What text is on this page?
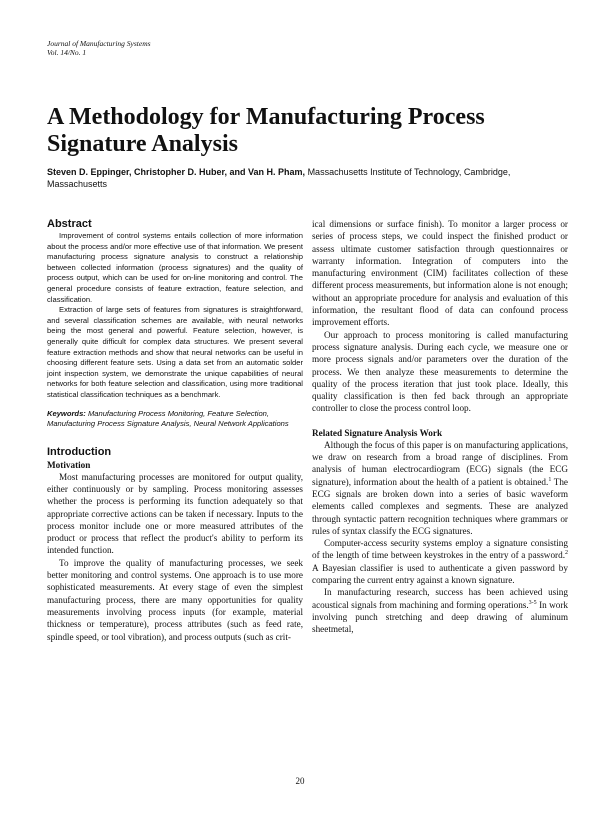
Journal of Manufacturing Systems
Vol. 14/No. 1
A Methodology for Manufacturing Process Signature Analysis
Steven D. Eppinger, Christopher D. Huber, and Van H. Pham, Massachusetts Institute of Technology, Cambridge, Massachusetts
Abstract

Improvement of control systems entails collection of more information about the process and/or more effective use of that information. We present manufacturing process signature analysis to construct a relationship between collected information (process signatures) and the quality of process output, which can be used for on-line monitoring and control. The general procedure consists of feature extraction, feature selection, and classification.

Extraction of large sets of features from signatures is straightforward, and several classification schemes are available, with neural networks being the most general and powerful. Feature selection, however, is generally quite difficult for complex data structures. We present several feature extraction methods and show that neural networks can be useful in choosing different feature sets. Using a data set from an automatic solder joint inspection system, we demonstrate the unique capabilities of neural networks for both feature selection and classification, using more traditional statistical classification techniques as a benchmark.

Keywords: Manufacturing Process Monitoring, Feature Selection, Manufacturing Process Signature Analysis, Neural Network Applications

Introduction
Motivation

Most manufacturing processes are monitored for output quality, either continuously or by sampling. Process monitoring assesses whether the process is performing its function adequately so that appropriate corrective actions can be taken if necessary. Inputs to the process monitor include one or more measured attributes of the product or process that reflect the product's ability to perform its intended function.

To improve the quality of manufacturing processes, we seek better monitoring and control systems. One approach is to use more sophisticated measurements. At every stage of even the simplest manufacturing process, there are many opportunities for quality measurements involving process inputs (for example, material thickness or temperature), process attributes (such as feed rate, spindle speed, or tool vibration), and process outputs (such as crit-

ical dimensions or surface finish). To monitor a larger process or series of process steps, we could inspect the finished product or assess ultimate customer satisfaction through questionnaires or warranty information. Integration of computers into the manufacturing environment (CIM) facilitates collection of these different process measurements, but information alone is not enough; without an appropriate procedure for analysis and evaluation of this information, the resultant flood of data can confound process improvement efforts.

Our approach to process monitoring is called manufacturing process signature analysis. During each cycle, we measure one or more process signals and/or parameters over the duration of the process. We then analyze these measurements to determine the quality of the process iteration that just took place. Ideally, this quality classification is then fed back through an appropriate controller to close the process control loop.

Related Signature Analysis Work

Although the focus of this paper is on manufacturing applications, we draw on research from a broad range of disciplines. From analysis of human electrocardiogram (ECG) signals (the ECG signature), information about the health of a patient is obtained.$^1$ The ECG signals are broken down into a series of basic waveform elements called complexes and segments. These are analyzed through syntactic pattern recognition techniques where grammars or rules of syntax classify the ECG signatures.

Computer-access security systems employ a signature consisting of the length of time between keystrokes in the entry of a password.$^2$ A Bayesian classifier is used to authenticate a given password by comparing the current entry against a known signature.

In manufacturing research, success has been achieved using acoustical signals from machining and forming operations.$^{3-5}$ In work involving punch stretching and deep drawing of aluminum sheetmetal,

20
